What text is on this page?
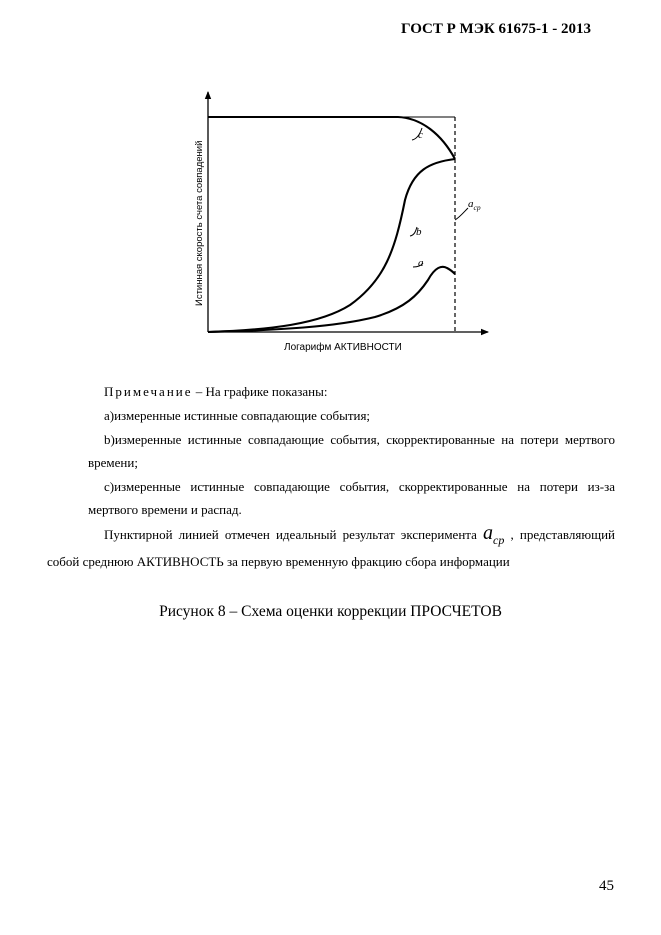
ГОСТ Р МЭК 61675-1 - 2013
c
b
a
$a_{ср}$
Истинная скорость счета совпадений
Логарифм АКТИВНОСТИ
Примечание – На графике показаны:
а)измеренные истинные совпадающие события;
b)измеренные истинные совпадающие события, скорректированные на потери мертвого
времени;
c)измеренные истинные совпадающие события, скорректированные на потери из-за
мертвого времени и распад.
Пунктирной линией отмечен идеальный результат эксперимента $a_{ср}$ , представляющий
собой среднюю АКТИВНОСТЬ за первую временную фракцию сбора информации
Рисунок 8 – Схема оценки коррекции ПРОСЧЕТОВ
45
